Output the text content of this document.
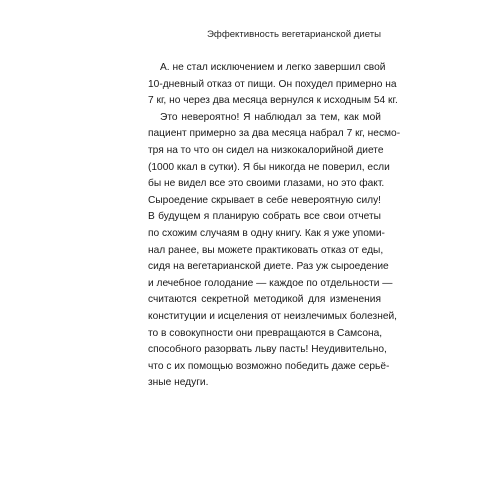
Эффективность вегетарианской диеты

А. не стал исключением и легко завершил свой
10-дневный отказ от пищи. Он похудел примерно на
7 кг, но через два месяца вернулся к исходным 54 кг.

Это невероятно! Я наблюдал за тем, как мой
пациент примерно за два месяца набрал 7 кг, несмо-
тря на то что он сидел на низкокалорийной диете
(1000 ккал в сутки). Я бы никогда не поверил, если
бы не видел все это своими глазами, но это факт.
Сыроедение скрывает в себе невероятную силу!
В будущем я планирую собрать все свои отчеты
по схожим случаям в одну книгу. Как я уже упоми-
нал ранее, вы можете практиковать отказ от еды,
сидя на вегетарианской диете. Раз уж сыроедение
и лечебное голодание — каждое по отдельности —
считаются секретной методикой для изменения
конституции и исцеления от неизлечимых болезней,
то в совокупности они превращаются в Самсона,
способного разорвать льву пасть! Неудивительно,
что с их помощью возможно победить даже серьё-
зные недуги.
